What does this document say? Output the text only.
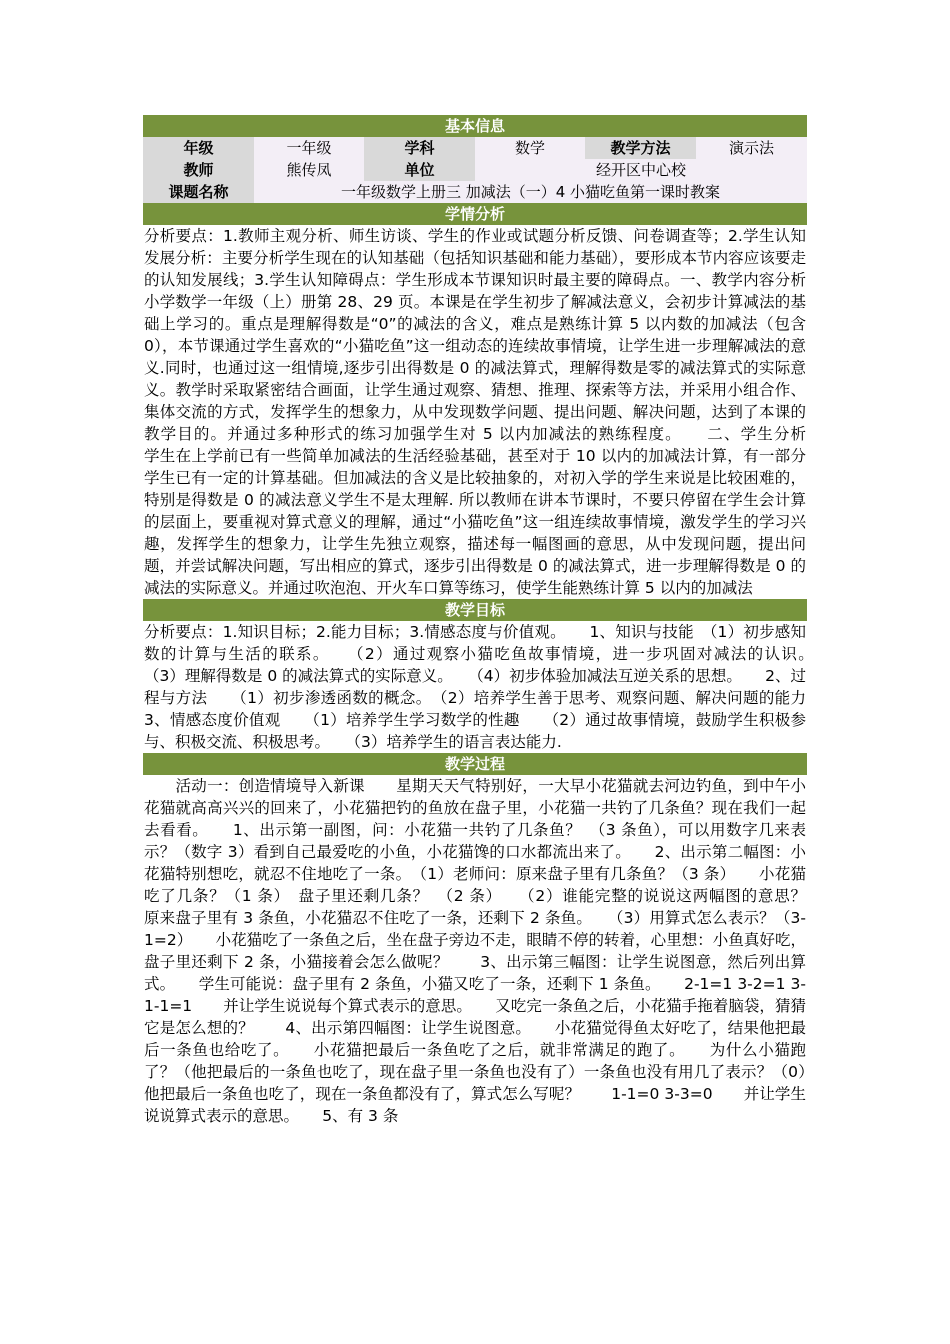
基本信息
年级	一年级	学科	数学	教学方法	演示法
教师	熊传凤	单位	经开区中心校		
课题名称	一年级数学上册三 加减法（一）4 小猫吃鱼第一课时教案				
学情分析
分析要点：1.教师主观分析、师生访谈、学生的作业或试题分析反馈、问卷调查等；2.学生认知发展分析：主要分析学生现在的认知基础（包括知识基础和能力基础），要形成本节内容应该要走的认知发展线；3.学生认知障碍点：学生形成本节课知识时最主要的障碍点。一、教学内容分析　　小学数学一年级（上）册第 28、29 页。本课是在学生初步了解减法意义，会初步计算减法的基础上学习的。重点是理解得数是“0”的减法的含义，难点是熟练计算 5 以内数的加减法（包含 0），本节课通过学生喜欢的“小猫吃鱼”这一组动态的连续故事情境，让学生进一步理解减法的意义.同时，也通过这一组情境,逐步引出得数是 0 的减法算式，理解得数是零的减法算式的实际意义。教学时采取紧密结合画面，让学生通过观察、猜想、推理、探索等方法，并采用小组合作、集体交流的方式，发挥学生的想象力，从中发现数学问题、提出问题、解决问题，达到了本课的教学目的。并通过多种形式的练习加强学生对 5 以内加减法的熟练程度。　　二、学生分析　　学生在上学前已有一些简单加减法的生活经验基础，甚至对于 10 以内的加减法计算，有一部分学生已有一定的计算基础。但加减法的含义是比较抽象的，对初入学的学生来说是比较困难的，特别是得数是 0 的减法意义学生不是太理解. 所以教师在讲本节课时，不要只停留在学生会计算的层面上，要重视对算式意义的理解，通过“小猫吃鱼”这一组连续故事情境，激发学生的学习兴趣，发挥学生的想象力，让学生先独立观察，描述每一幅图画的意思，从中发现问题，提出问题，并尝试解决问题，写出相应的算式，逐步引出得数是 0 的减法算式，进一步理解得数是 0 的减法的实际意义。并通过吹泡泡、开火车口算等练习，使学生能熟练计算 5 以内的加减法
教学目标
分析要点：1.知识目标；2.能力目标；3.情感态度与价值观。　　1、知识与技能　（1）初步感知数的计算与生活的联系。　　（2）通过观察小猫吃鱼故事情境，进一步巩固对减法的认识。　　（3）理解得数是 0 的减法算式的实际意义。　　（4）初步体验加减法互逆关系的思想。　　2、过程与方法　　（1）初步渗透函数的概念。　（2）培养学生善于思考、观察问题、解决问题的能力　　3、情感态度价值观　　（1）培养学生学习数学的性趣　　（2）通过故事情境，鼓励学生积极参与、积极交流、积极思考。　　（3）培养学生的语言表达能力.
教学过程
　　活动一：创造情境导入新课　　星期天天气特别好，一大早小花猫就去河边钓鱼，到中午小花猫就高高兴兴的回来了，小花猫把钓的鱼放在盘子里，小花猫一共钓了几条鱼？现在我们一起去看看。　　1、出示第一副图，问：小花猫一共钓了几条鱼？　（3 条鱼），可以用数字几来表示？（数字 3）看到自己最爱吃的小鱼，小花猫馋的口水都流出来了。　　2、出示第二幅图：小花猫特别想吃，就忍不住地吃了一条。　（1）老师问：原来盘子里有几条鱼？（3 条）　　小花猫吃了几条？（1 条）　盘子里还剩几条？　（2 条）　　（2）谁能完整的说说这两幅图的意思？　　原来盘子里有 3 条鱼，小花猫忍不住吃了一条，还剩下 2 条鱼。　　（3）用算式怎么表示？（3-1=2）　　小花猫吃了一条鱼之后，坐在盘子旁边不走，眼睛不停的转着，心里想：小鱼真好吃，盘子里还剩下 2 条，小猫接着会怎么做呢？　　3、出示第三幅图：让学生说图意，然后列出算式。　　学生可能说：盘子里有 2 条鱼，小猫又吃了一条，还剩下 1 条鱼。　　2-1=1 3-2=1 3-1-1=1　　并让学生说说每个算式表示的意思。　　又吃完一条鱼之后，小花猫手拖着脑袋，猜猜它是怎么想的？　　4、出示第四幅图：让学生说图意。　　小花猫觉得鱼太好吃了，结果他把最后一条鱼也给吃了。　　小花猫把最后一条鱼吃了之后，就非常满足的跑了。　　为什么小猫跑了？（他把最后的一条鱼也吃了，现在盘子里一条鱼也没有了）一条鱼也没有用几了表示？（0）　　他把最后一条鱼也吃了，现在一条鱼都没有了，算式怎么写呢？　　1-1=0 3-3=0　　并让学生说说算式表示的意思。　　5、有 3 条
